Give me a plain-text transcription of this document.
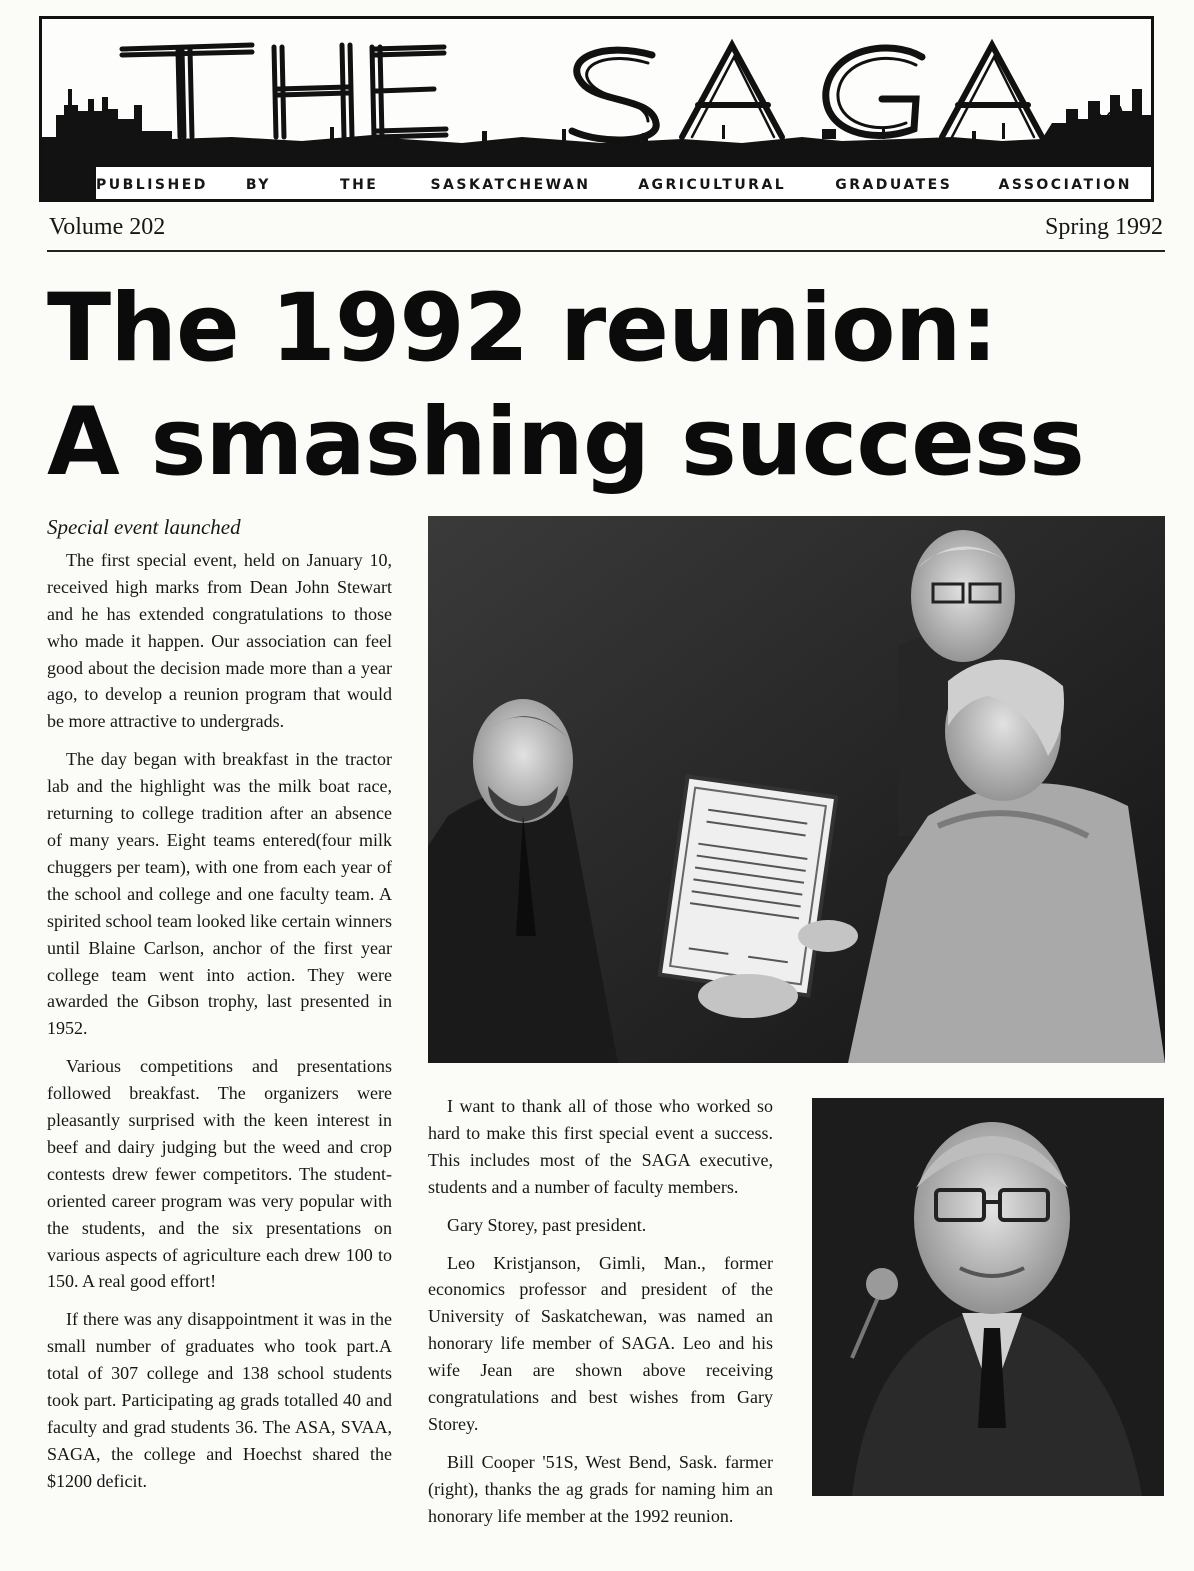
PUBLISHED	BY	THE	SASKATCHEWAN	AGRICULTURAL	GRADUATES	ASSOCIATION
Volume 202	Spring 1992
The 1992 reunion:
A smashing success
Special event launched

The first special event, held on January 10, received high marks from Dean John Stewart and he has extended congratulations to those who made it happen. Our association can feel good about the decision made more than a year ago, to develop a reunion program that would be more attractive to undergrads.

The day began with breakfast in the tractor lab and the highlight was the milk boat race, returning to college tradition after an absence of many years. Eight teams entered(four milk chuggers per team), with one from each year of the school and college and one faculty team. A spirited school team looked like certain winners until Blaine Carlson, anchor of the first year college team went into action. They were awarded the Gibson trophy, last presented in 1952.

Various competitions and presentations followed breakfast. The organizers were pleasantly surprised with the keen interest in beef and dairy judging but the weed and crop contests drew fewer competitors. The student-oriented career program was very popular with the students, and the six presentations on various aspects of agriculture each drew 100 to 150. A real good effort!

If there was any disappointment it was in the small number of graduates who took part.A total of 307 college and 138 school students took part. Participating ag grads totalled 40 and faculty and grad students 36. The ASA, SVAA, SAGA, the college and Hoechst shared the $1200 deficit.

I want to thank all of those who worked so hard to make this first special event a success. This includes most of the SAGA executive, students and a number of faculty members.

Gary Storey, past president.

Leo Kristjanson, Gimli, Man., former economics professor and president of the University of Saskatchewan, was named an honorary life member of SAGA. Leo and his wife Jean are shown above receiving congratulations and best wishes from Gary Storey.

Bill Cooper '51S, West Bend, Sask. farmer (right), thanks the ag grads for naming him an honorary life member at the 1992 reunion.
